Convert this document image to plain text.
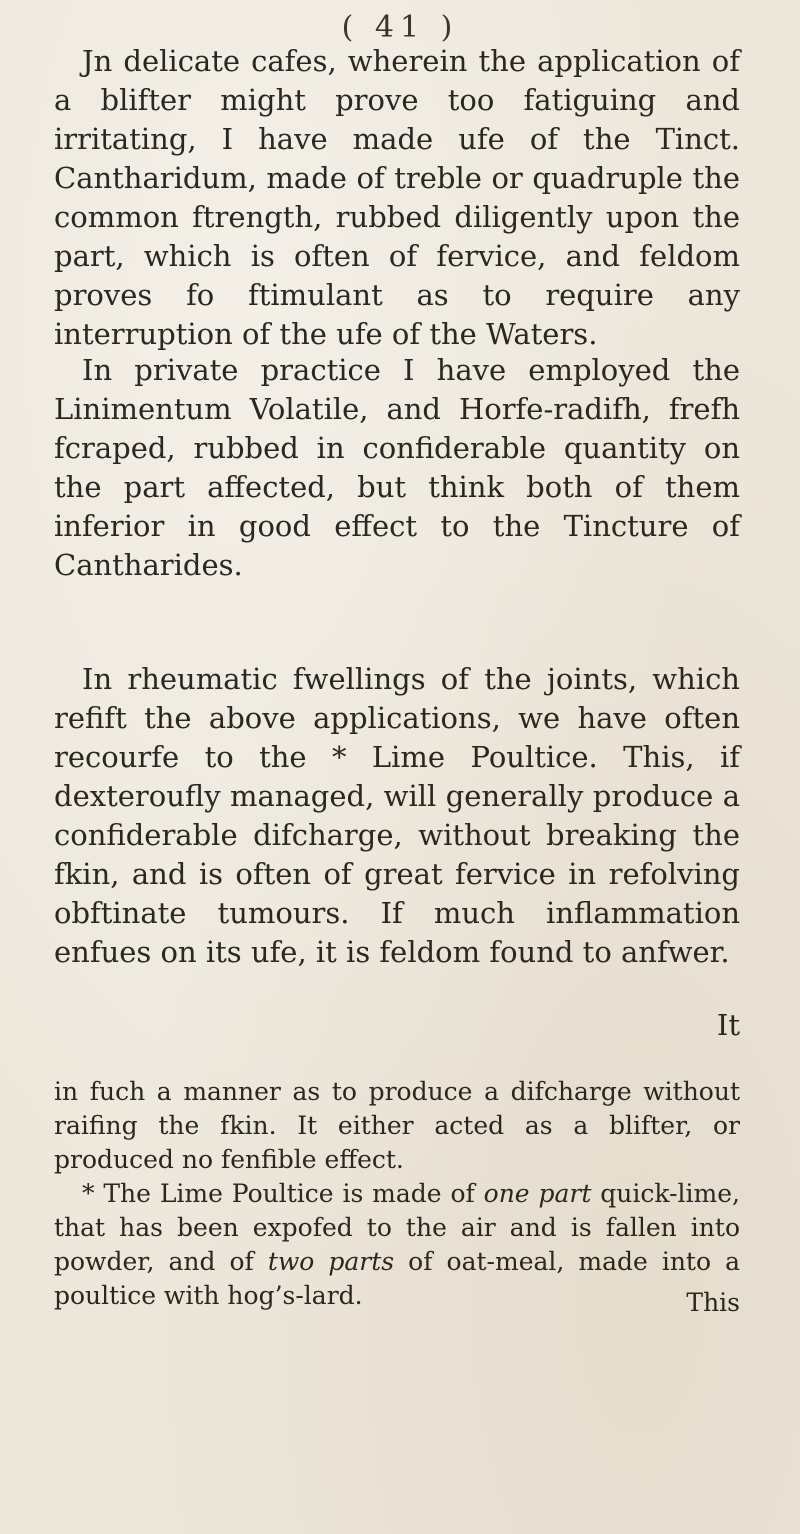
( 41 )

Jn delicate cafes, wherein the application of a blifter might prove too fatiguing and irritating, I have made ufe of the Tinct. Cantharidum, made of treble or quadruple the common ftrength, rubbed diligently upon the part, which is often of fervice, and feldom proves fo ftimulant as to require any interruption of the ufe of the Waters.

In private practice I have employed the Linimentum Volatile, and Horfe-radifh, frefh fcraped, rubbed in confiderable quantity on the part affected, but think both of them inferior in good effect to the Tincture of Cantharides.

In rheumatic fwellings of the joints, which refift the above applications, we have often recourfe to the * Lime Poultice. This, if dexteroufly managed, will generally produce a confiderable difcharge, without breaking the fkin, and is often of great fervice in refolving obftinate tumours. If much inflammation enfues on its ufe, it is feldom found to anfwer.

It

in fuch a manner as to produce a difcharge without raifing the fkin. It either acted as a blifter, or produced no fenfible effect.

* The Lime Poultice is made of one part quick-lime, that has been expofed to the air and is fallen into powder, and of two parts of oat-meal, made into a poultice with hog’s-lard.	This
